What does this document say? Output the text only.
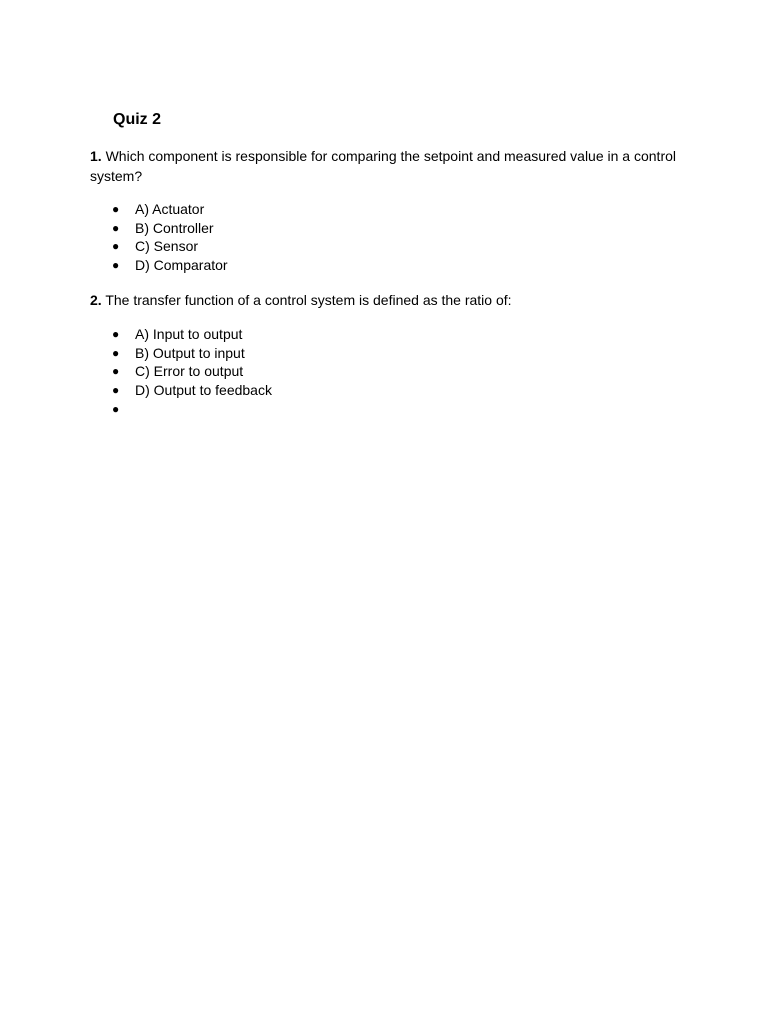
Quiz 2

1. Which component is responsible for comparing the setpoint and measured value in a control system?

● A) Actuator
● B) Controller
● C) Sensor
● D) Comparator

2. The transfer function of a control system is defined as the ratio of:

● A) Input to output
● B) Output to input
● C) Error to output
● D) Output to feedback
●
